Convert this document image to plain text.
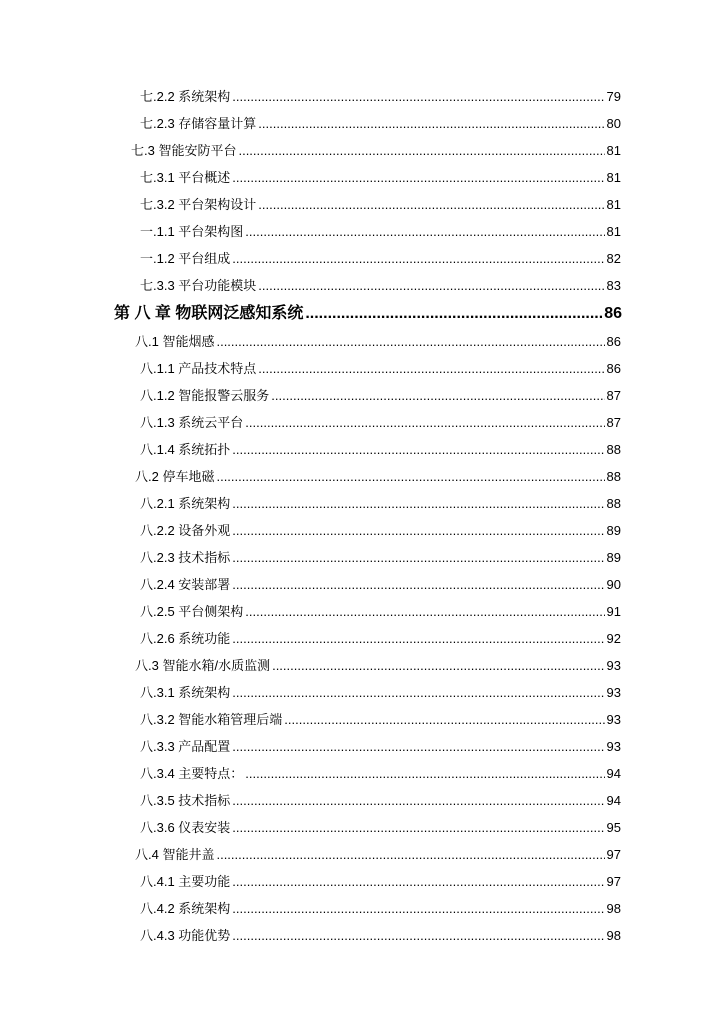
七.2.2 系统架构 .....	79
七.2.3 存储容量计算 .....	80
七.3 智能安防平台 .....	81
七.3.1 平台概述 .....	81
七.3.2 平台架构设计 .....	81
一.1.1 平台架构图 .....	81
一.1.2 平台组成 .....	82
七.3.3 平台功能模块 .....	83
第 八 章 物联网泛感知系统 .....	86
八.1 智能烟感 .....	86
八.1.1 产品技术特点 .....	86
八.1.2 智能报警云服务 .....	87
八.1.3 系统云平台 .....	87
八.1.4 系统拓扑 .....	88
八.2 停车地磁 .....	88
八.2.1 系统架构 .....	88
八.2.2 设备外观 .....	89
八.2.3 技术指标 .....	89
八.2.4 安装部署 .....	90
八.2.5 平台侧架构 .....	91
八.2.6 系统功能 .....	92
八.3 智能水箱/水质监测 .....	93
八.3.1 系统架构 .....	93
八.3.2 智能水箱管理后端 .....	93
八.3.3 产品配置 .....	93
八.3.4 主要特点： .....	94
八.3.5 技术指标 .....	94
八.3.6 仪表安装 .....	95
八.4 智能井盖 .....	97
八.4.1 主要功能 .....	97
八.4.2 系统架构 .....	98
八.4.3 功能优势 .....	98
